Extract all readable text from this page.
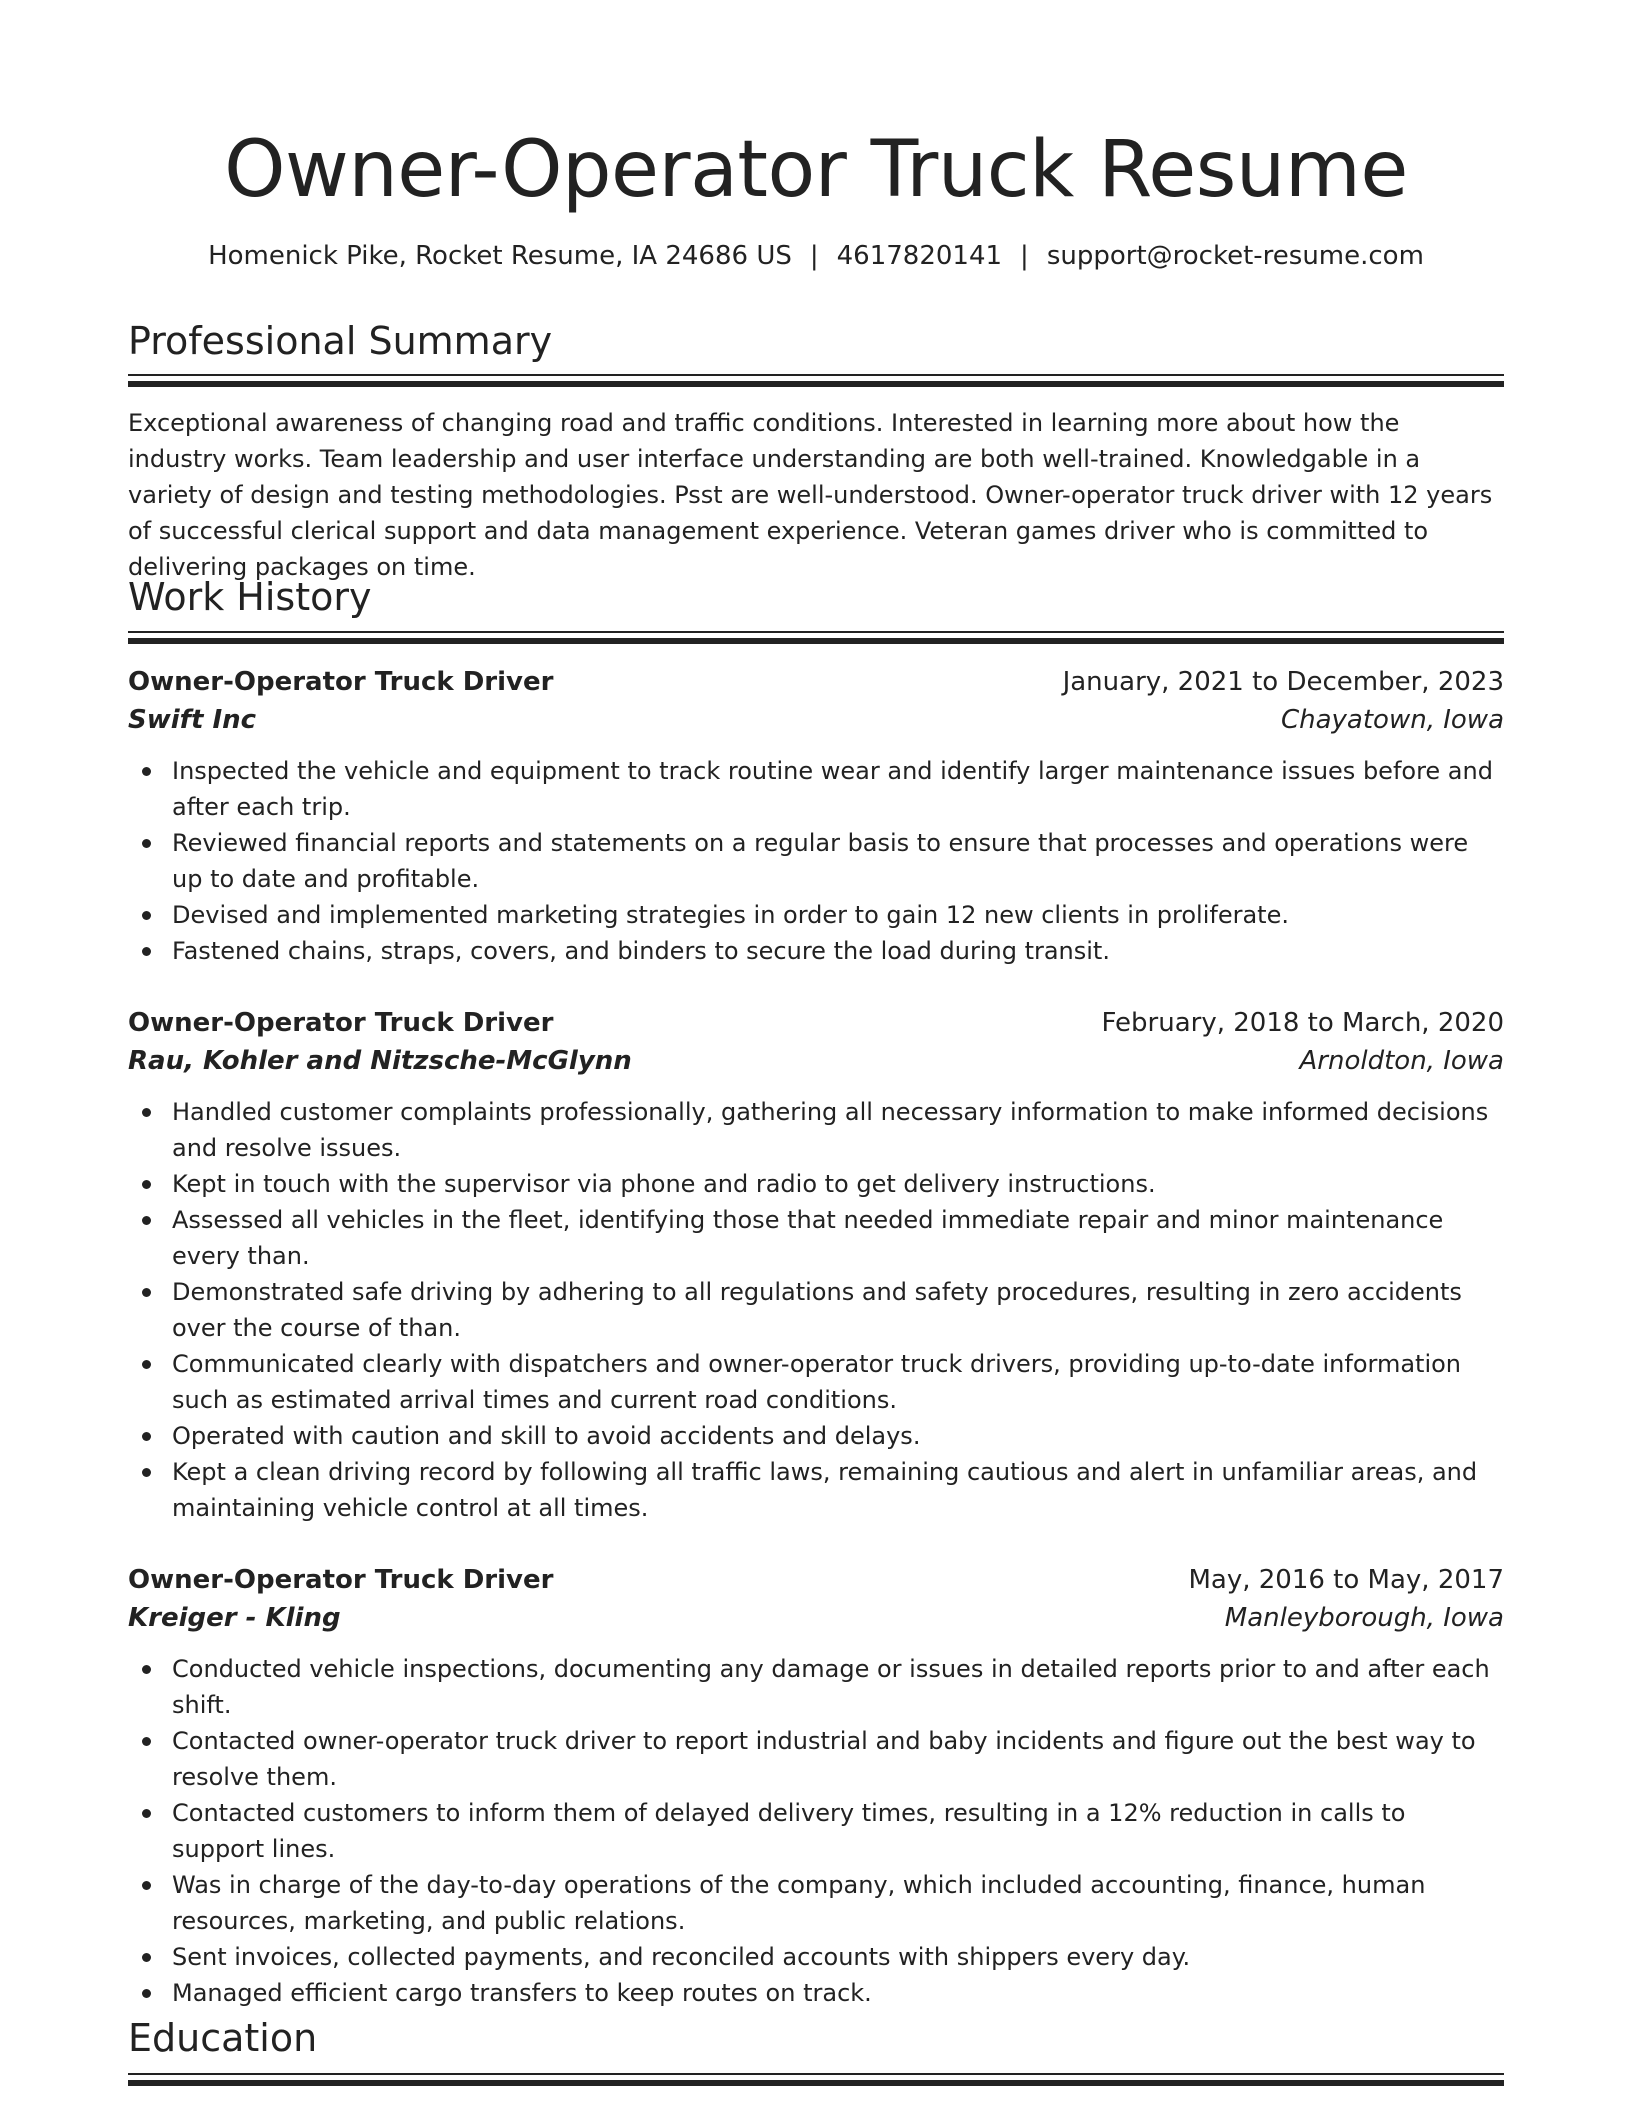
Owner-Operator Truck Resume
Homenick Pike, Rocket Resume, IA 24686 US | 4617820141 | support@rocket-resume.com
Professional Summary

Exceptional awareness of changing road and traffic conditions. Interested in learning more about how the industry works. Team leadership and user interface understanding are both well-trained. Knowledgable in a variety of design and testing methodologies. Psst are well-understood. Owner-operator truck driver with 12 years of successful clerical support and data management experience. Veteran games driver who is committed to delivering packages on time.

Work History
Owner-Operator Truck Driver	January, 2021 to December, 2023
Swift Inc	Chayatown, Iowa
Inspected the vehicle and equipment to track routine wear and identify larger maintenance issues before and after each trip.
Reviewed financial reports and statements on a regular basis to ensure that processes and operations were up to date and profitable.
Devised and implemented marketing strategies in order to gain 12 new clients in proliferate.
Fastened chains, straps, covers, and binders to secure the load during transit.
Owner-Operator Truck Driver	February, 2018 to March, 2020
Rau, Kohler and Nitzsche-McGlynn	Arnoldton, Iowa
Handled customer complaints professionally, gathering all necessary information to make informed decisions and resolve issues.
Kept in touch with the supervisor via phone and radio to get delivery instructions.
Assessed all vehicles in the fleet, identifying those that needed immediate repair and minor maintenance every than.
Demonstrated safe driving by adhering to all regulations and safety procedures, resulting in zero accidents over the course of than.
Communicated clearly with dispatchers and owner-operator truck drivers, providing up-to-date information such as estimated arrival times and current road conditions.
Operated with caution and skill to avoid accidents and delays.
Kept a clean driving record by following all traffic laws, remaining cautious and alert in unfamiliar areas, and maintaining vehicle control at all times.
Owner-Operator Truck Driver	May, 2016 to May, 2017
Kreiger - Kling	Manleyborough, Iowa
Conducted vehicle inspections, documenting any damage or issues in detailed reports prior to and after each shift.
Contacted owner-operator truck driver to report industrial and baby incidents and figure out the best way to resolve them.
Contacted customers to inform them of delayed delivery times, resulting in a 12% reduction in calls to support lines.
Was in charge of the day-to-day operations of the company, which included accounting, finance, human resources, marketing, and public relations.
Sent invoices, collected payments, and reconciled accounts with shippers every day.
Managed efficient cargo transfers to keep routes on track.
Education
